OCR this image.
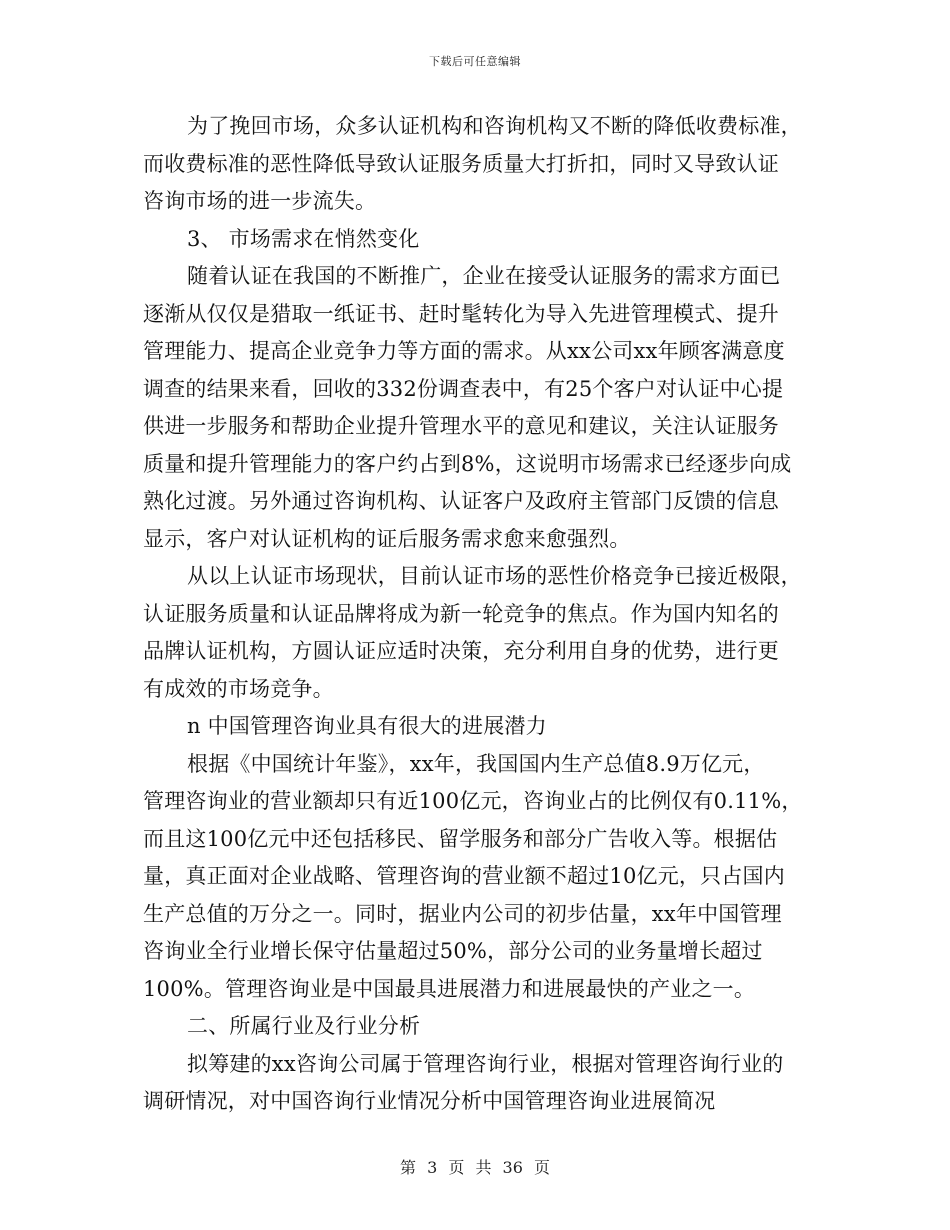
下载后可任意编辑
为了挽回市场，众多认证机构和咨询机构又不断的降低收费标准，
而收费标准的恶性降低导致认证服务质量大打折扣，同时又导致认证
咨询市场的进一步流失。
3、 市场需求在悄然变化
随着认证在我国的不断推广，企业在接受认证服务的需求方面已
逐渐从仅仅是猎取一纸证书、赶时髦转化为导入先进管理模式、提升
管理能力、提高企业竞争力等方面的需求。从xx公司xx年顾客满意度
调查的结果来看，回收的332份调查表中，有25个客户对认证中心提
供进一步服务和帮助企业提升管理水平的意见和建议，关注认证服务
质量和提升管理能力的客户约占到8%，这说明市场需求已经逐步向成
熟化过渡。另外通过咨询机构、认证客户及政府主管部门反馈的信息
显示，客户对认证机构的证后服务需求愈来愈强烈。
从以上认证市场现状，目前认证市场的恶性价格竞争已接近极限，
认证服务质量和认证品牌将成为新一轮竞争的焦点。作为国内知名的
品牌认证机构，方圆认证应适时决策，充分利用自身的优势，进行更
有成效的市场竞争。
n 中国管理咨询业具有很大的进展潜力
根据《中国统计年鉴》，xx年，我国国内生产总值8.9万亿元，
管理咨询业的营业额却只有近100亿元，咨询业占的比例仅有0.11%，
而且这100亿元中还包括移民、留学服务和部分广告收入等。根据估
量，真正面对企业战略、管理咨询的营业额不超过10亿元，只占国内
生产总值的万分之一。同时，据业内公司的初步估量，xx年中国管理
咨询业全行业增长保守估量超过50%，部分公司的业务量增长超过
100%。管理咨询业是中国最具进展潜力和进展最快的产业之一。
二、所属行业及行业分析
拟筹建的xx咨询公司属于管理咨询行业，根据对管理咨询行业的
调研情况，对中国咨询行业情况分析中国管理咨询业进展简况
第 3 页 共 36 页
